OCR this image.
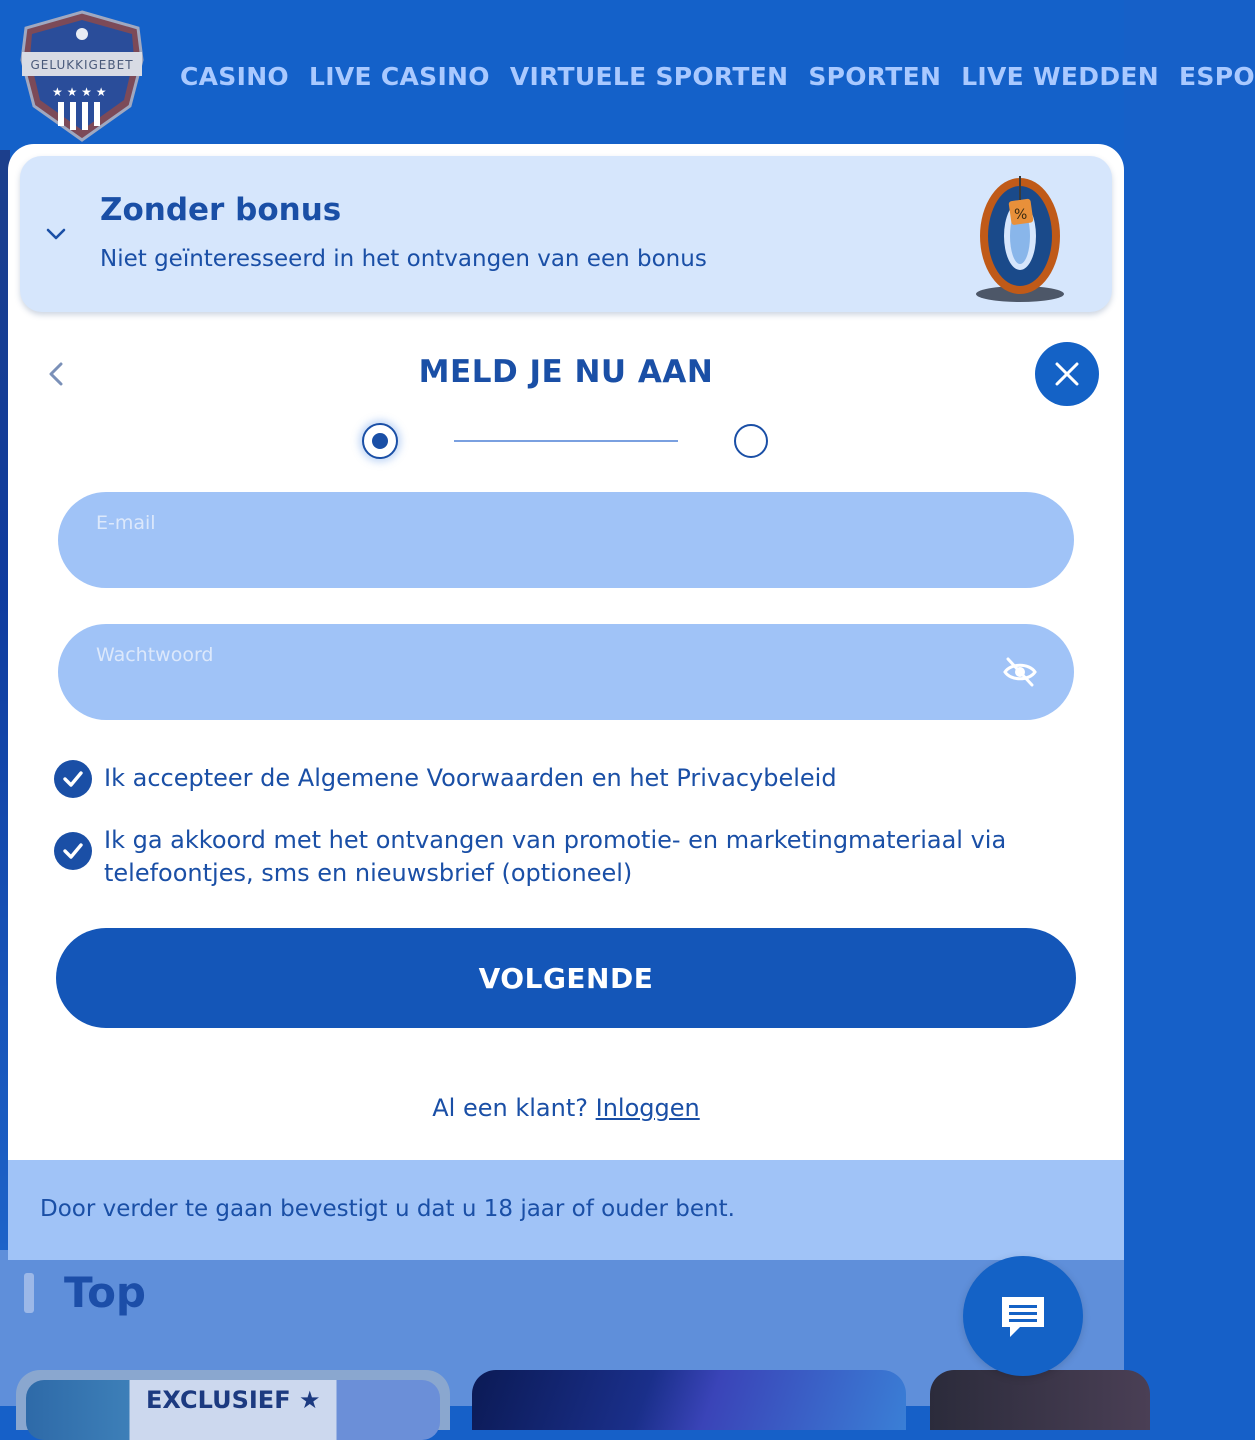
★ ★ ★ ★
GELUKKIGEBET	CASINO LIVE CASINO VIRTUELE SPORTEN SPORTEN LIVE WEDDEN ESPO
Top
EXCLUSIEF ★
Zonder bonus
Niet geïnteresseerd in het ontvangen van een bonus
%
MELD JE NU AAN
E-mail
Wachtwoord
Ik accepteer de Algemene Voorwaarden en het Privacybeleid
Ik ga akkoord met het ontvangen van promotie- en marketingmateriaal via telefoontjes, sms en nieuwsbrief (optioneel)
VOLGENDE
Al een klant? Inloggen
Door verder te gaan bevestigt u dat u 18 jaar of ouder bent.
